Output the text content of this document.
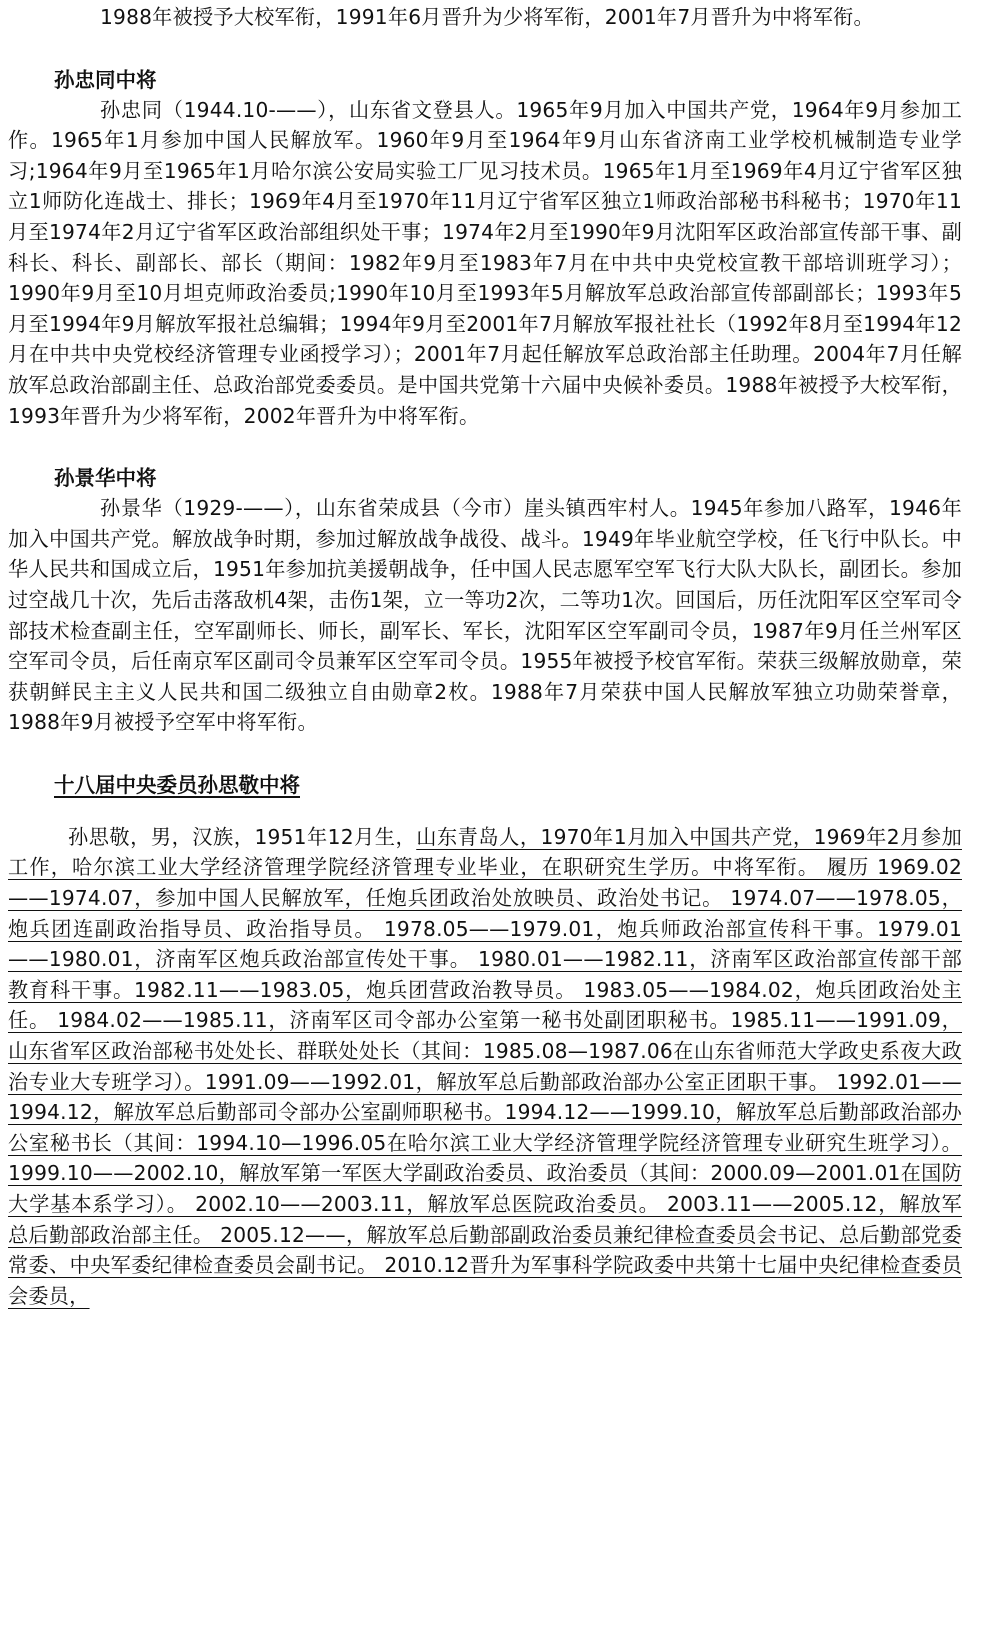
1988年被授予大校军衔，1991年6月晋升为少将军衔，2001年7月晋升为中将军衔。

孙忠同中将

孙忠同（1944.10-——），山东省文登县人。1965年9月加入中国共产党，1964年9月参加工作。1965年1月参加中国人民解放军。1960年9月至1964年9月山东省济南工业学校机械制造专业学习;1964年9月至1965年1月哈尔滨公安局实验工厂见习技术员。1965年1月至1969年4月辽宁省军区独立1师防化连战士、排长；1969年4月至1970年11月辽宁省军区独立1师政治部秘书科秘书；1970年11月至1974年2月辽宁省军区政治部组织处干事；1974年2月至1990年9月沈阳军区政治部宣传部干事、副科长、科长、副部长、部长（期间：1982年9月至1983年7月在中共中央党校宣教干部培训班学习）；1990年9月至10月坦克师政治委员;1990年10月至1993年5月解放军总政治部宣传部副部长；1993年5月至1994年9月解放军报社总编辑；1994年9月至2001年7月解放军报社社长（1992年8月至1994年12月在中共中央党校经济管理专业函授学习）；2001年7月起任解放军总政治部主任助理。2004年7月任解放军总政治部副主任、总政治部党委委员。是中国共党第十六届中央候补委员。1988年被授予大校军衔，1993年晋升为少将军衔，2002年晋升为中将军衔。

孙景华中将

孙景华（1929-——），山东省荣成县（今市）崖头镇西牢村人。1945年参加八路军，1946年加入中国共产党。解放战争时期，参加过解放战争战役、战斗。1949年毕业航空学校，任飞行中队长。中华人民共和国成立后，1951年参加抗美援朝战争，任中国人民志愿军空军飞行大队大队长，副团长。参加过空战几十次，先后击落敌机4架，击伤1架，立一等功2次，二等功1次。回国后，历任沈阳军区空军司令部技术检查副主任，空军副师长、师长，副军长、军长，沈阳军区空军副司令员，1987年9月任兰州军区空军司令员，后任南京军区副司令员兼军区空军司令员。1955年被授予校官军衔。荣获三级解放勋章，荣获朝鲜民主主义人民共和国二级独立自由勋章2枚。1988年7月荣获中国人民解放军独立功勋荣誉章，1988年9月被授予空军中将军衔。

十八届中央委员孙思敬中将

孙思敬，男，汉族，1951年12月生，山东青岛人，1970年1月加入中国共产党，1969年2月参加工作，哈尔滨工业大学经济管理学院经济管理专业毕业，在职研究生学历。中将军衔。 履历 1969.02——1974.07，参加中国人民解放军，任炮兵团政治处放映员、政治处书记。 1974.07——1978.05，炮兵团连副政治指导员、政治指导员。 1978.05——1979.01，炮兵师政治部宣传科干事。1979.01——1980.01，济南军区炮兵政治部宣传处干事。 1980.01——1982.11，济南军区政治部宣传部干部教育科干事。1982.11——1983.05，炮兵团营政治教导员。 1983.05——1984.02，炮兵团政治处主任。 1984.02——1985.11，济南军区司令部办公室第一秘书处副团职秘书。1985.11——1991.09，山东省军区政治部秘书处处长、群联处处长（其间：1985.08—1987.06在山东省师范大学政史系夜大政治专业大专班学习）。1991.09——1992.01，解放军总后勤部政治部办公室正团职干事。 1992.01——1994.12，解放军总后勤部司令部办公室副师职秘书。1994.12——1999.10，解放军总后勤部政治部办公室秘书长（其间：1994.10—1996.05在哈尔滨工业大学经济管理学院经济管理专业研究生班学习）。1999.10——2002.10，解放军第一军医大学副政治委员、政治委员（其间：2000.09—2001.01在国防大学基本系学习）。 2002.10——2003.11，解放军总医院政治委员。 2003.11——2005.12，解放军总后勤部政治部主任。 2005.12——，解放军总后勤部副政治委员兼纪律检查委员会书记、总后勤部党委常委、中央军委纪律检查委员会副书记。 2010.12晋升为军事科学院政委中共第十七届中央纪律检查委员会委员，
